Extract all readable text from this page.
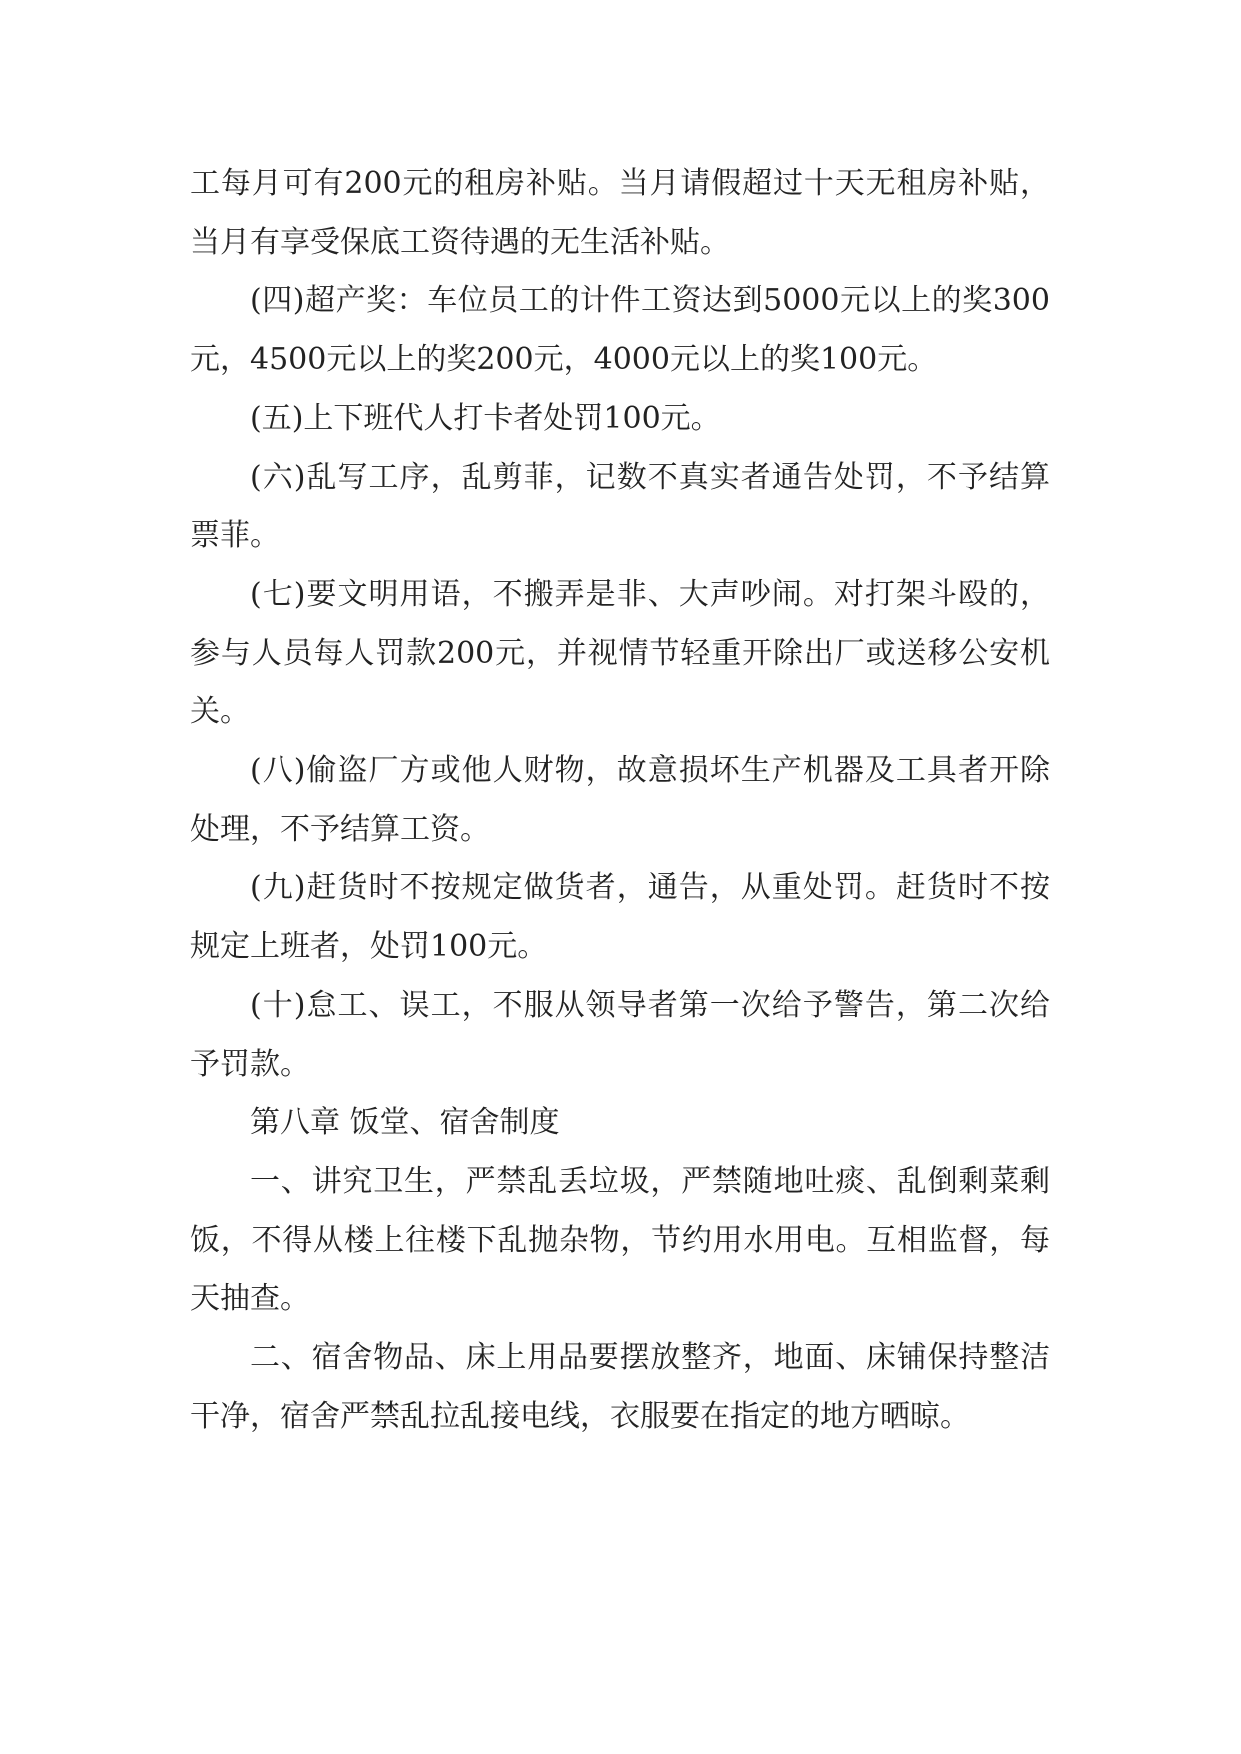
工每月可有200元的租房补贴。当月请假超过十天无租房补贴，当月有享受保底工资待遇的无生活补贴。

(四)超产奖：车位员工的计件工资达到5000元以上的奖300元，4500元以上的奖200元，4000元以上的奖100元。

(五)上下班代人打卡者处罚100元。

(六)乱写工序，乱剪菲，记数不真实者通告处罚，不予结算票菲。

(七)要文明用语，不搬弄是非、大声吵闹。对打架斗殴的，参与人员每人罚款200元，并视情节轻重开除出厂或送移公安机关。

(八)偷盗厂方或他人财物，故意损坏生产机器及工具者开除处理，不予结算工资。

(九)赶货时不按规定做货者，通告，从重处罚。赶货时不按规定上班者，处罚100元。

(十)怠工、误工，不服从领导者第一次给予警告，第二次给予罚款。

第八章 饭堂、宿舍制度

一、讲究卫生，严禁乱丢垃圾，严禁随地吐痰、乱倒剩菜剩饭，不得从楼上往楼下乱抛杂物，节约用水用电。互相监督，每天抽查。

二、宿舍物品、床上用品要摆放整齐，地面、床铺保持整洁干净，宿舍严禁乱拉乱接电线，衣服要在指定的地方晒晾。
